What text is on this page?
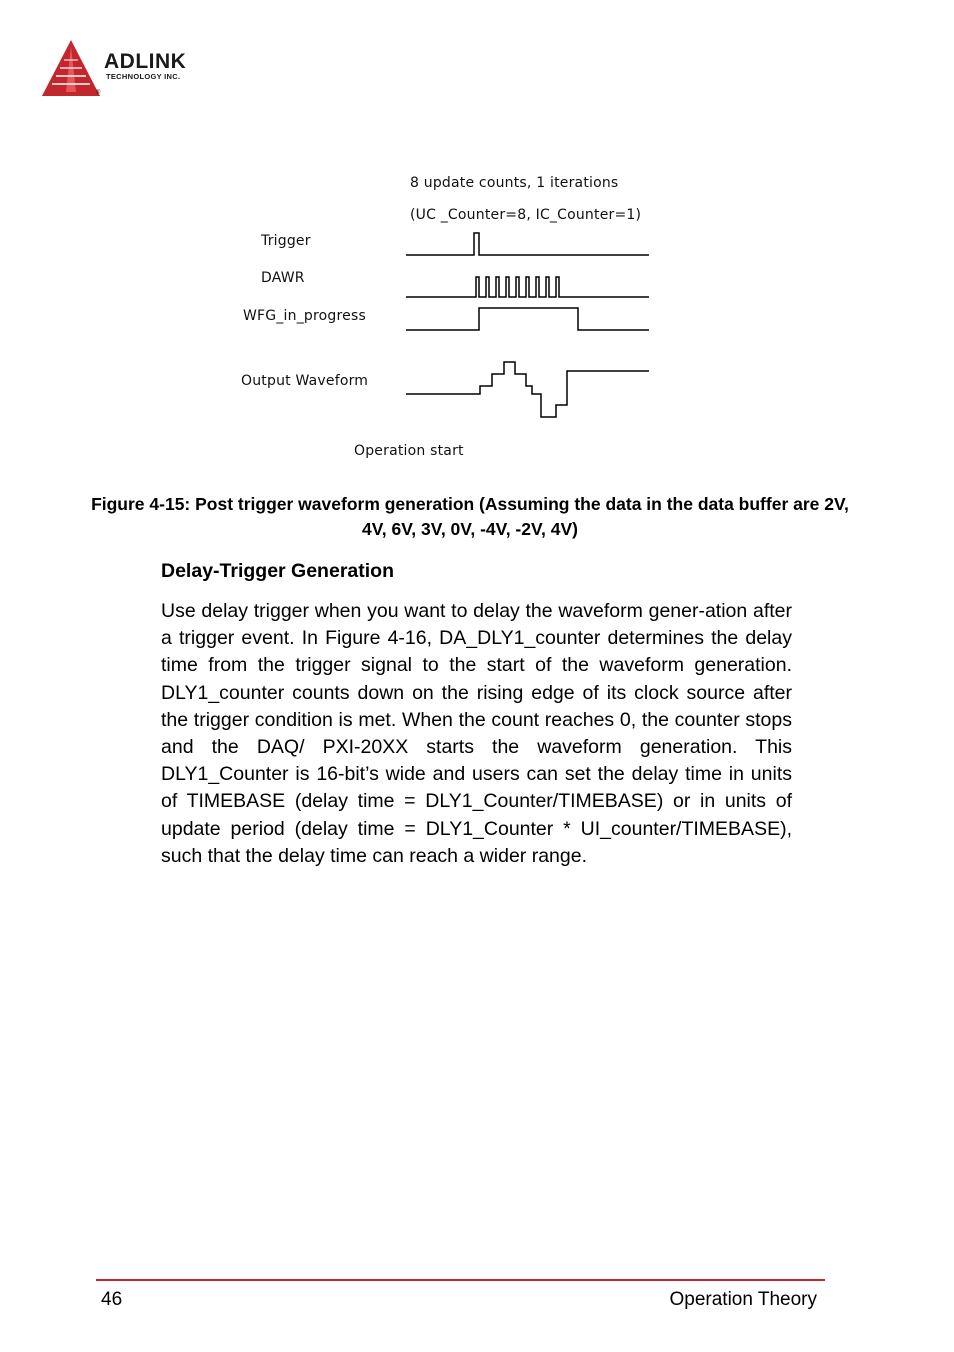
ADLINK
TECHNOLOGY INC.
®
8 update counts, 1 iterations
(UC _Counter=8, IC_Counter=1)
Trigger
DAWR
WFG_in_progress
Output Waveform
Operation start
Figure 4-15: Post trigger waveform generation (Assuming the data in the data buffer are 2V, 4V, 6V, 3V, 0V, -4V, -2V, 4V)
Delay-Trigger Generation

Use delay trigger when you want to delay the waveform gener-ation after a trigger event. In Figure 4-16, DA_DLY1_counter determines the delay time from the trigger signal to the start of the waveform generation. DLY1_counter counts down on the rising edge of its clock source after the trigger condition is met. When the count reaches 0, the counter stops and the DAQ/ PXI-20XX starts the waveform generation. This DLY1_Counter is 16-bit’s wide and users can set the delay time in units of TIMEBASE (delay time = DLY1_Counter/TIMEBASE) or in units of update period (delay time = DLY1_Counter * UI_counter/TIMEBASE), such that the delay time can reach a wider range.

46	Operation Theory
